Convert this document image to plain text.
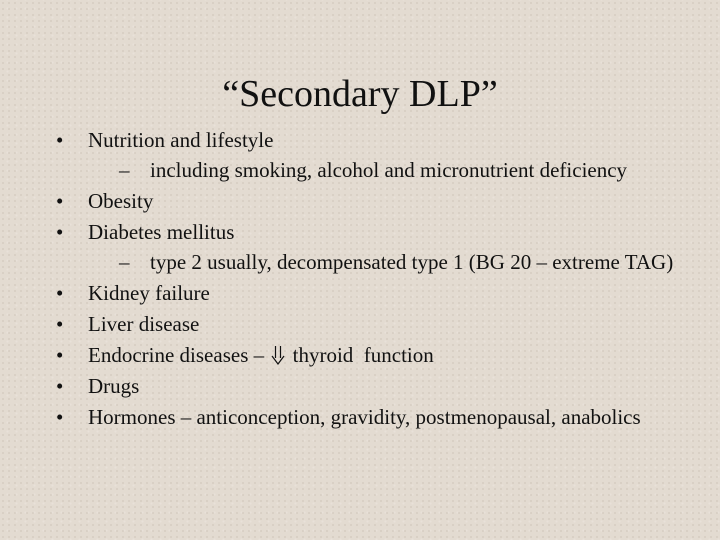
“Secondary DLP”
•	Nutrition and lifestyle
– including smoking, alcohol and micronutrient deficiency
•	Obesity
•	Diabetes mellitus
– type 2 usually, decompensated type 1 (BG 20 – extreme TAG)
•	Kidney failure
•	Liver disease
•	Endocrine diseases – thyroid  function
•	Drugs
•	Hormones – anticonception, gravidity, postmenopausal, anabolics
